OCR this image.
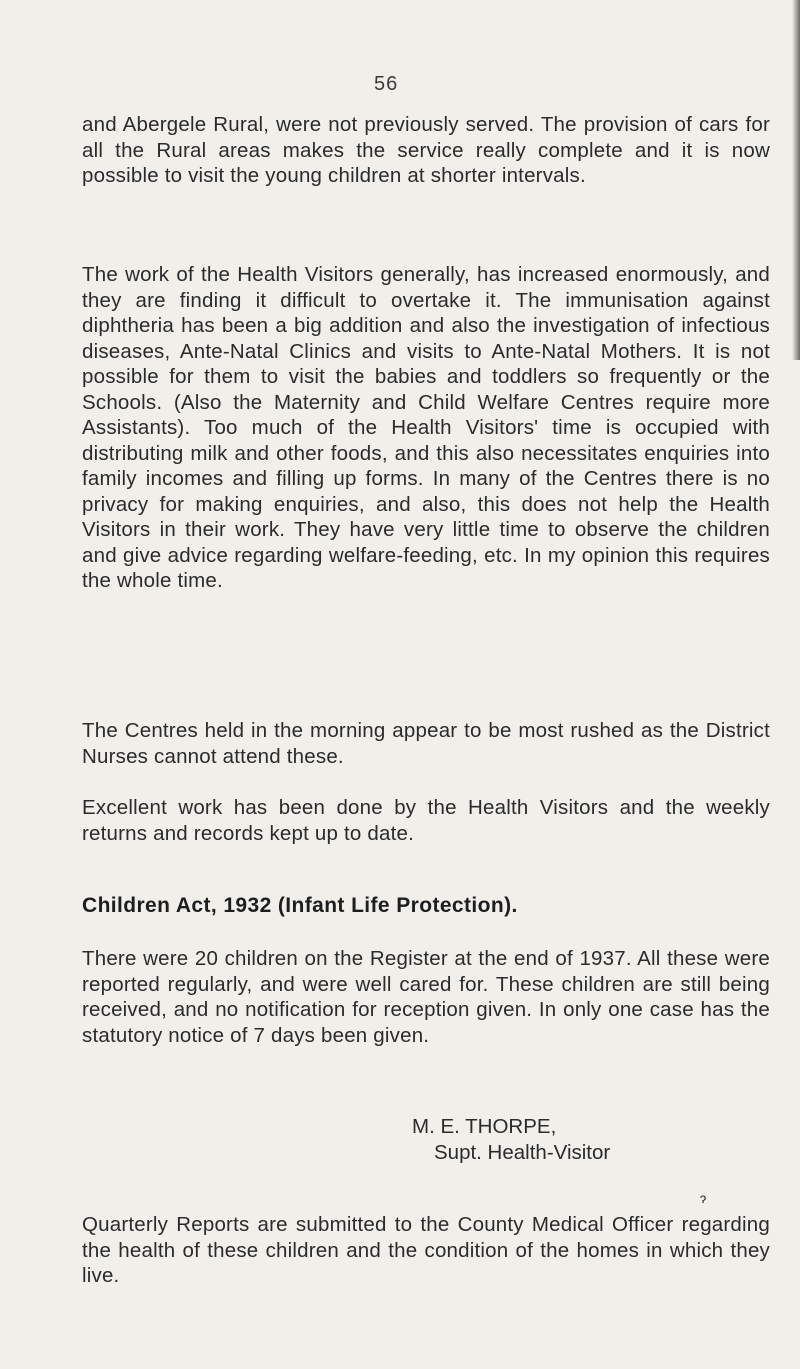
56

and Abergele Rural, were not previously served. The provision of cars for all the Rural areas makes the service really complete and it is now possible to visit the young children at shorter intervals.

The work of the Health Visitors generally, has increased enormously, and they are finding it difficult to overtake it. The immunisation against diphtheria has been a big addition and also the investigation of infectious diseases, Ante-Natal Clinics and visits to Ante-Natal Mothers. It is not possible for them to visit the babies and toddlers so frequently or the Schools. (Also the Maternity and Child Welfare Centres require more Assistants). Too much of the Health Visitors' time is occupied with distributing milk and other foods, and this also necessitates enquiries into family incomes and filling up forms. In many of the Centres there is no privacy for making enquiries, and also, this does not help the Health Visitors in their work. They have very little time to observe the children and give advice regarding welfare-feeding, etc. In my opinion this requires the whole time.

The Centres held in the morning appear to be most rushed as the District Nurses cannot attend these.

Excellent work has been done by the Health Visitors and the weekly returns and records kept up to date.

Children Act, 1932 (Infant Life Protection).

There were 20 children on the Register at the end of 1937. All these were reported regularly, and were well cared for. These children are still being received, and no notification for reception given. In only one case has the statutory notice of 7 days been given.

M. E. THORPE,
Supt. Health-Visitor
ɂ

Quarterly Reports are submitted to the County Medical Officer regarding the health of these children and the condition of the homes in which they live.
